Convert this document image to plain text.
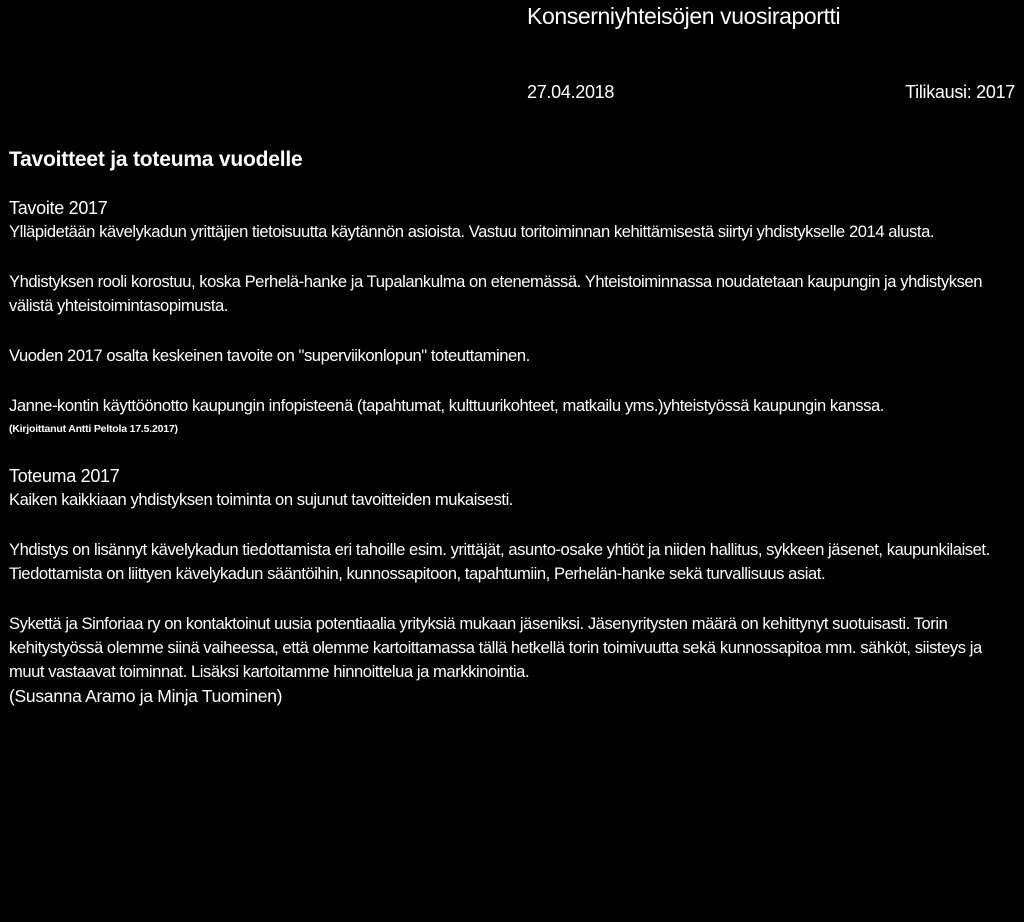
Konserniyhteisöjen vuosiraportti
27.04.2018	Tilikausi: 2017
Tavoitteet ja toteuma vuodelle

Tavoite 2017

Ylläpidetään kävelykadun yrittäjien tietoisuutta käytännön asioista. Vastuu toritoiminnan kehittämisestä siirtyi yhdistykselle 2014 alusta.

Yhdistyksen rooli korostuu, koska Perhelä-hanke ja Tupalankulma on etenemässä. Yhteistoiminnassa noudatetaan kaupungin ja yhdistyksen välistä yhteistoimintasopimusta.

Vuoden 2017 osalta keskeinen tavoite on "superviikonlopun" toteuttaminen.

Janne-kontin käyttöönotto kaupungin infopisteenä (tapahtumat, kulttuurikohteet, matkailu yms.)yhteistyössä kaupungin kanssa.

(Kirjoittanut Antti Peltola 17.5.2017)

Toteuma 2017

Kaiken kaikkiaan yhdistyksen toiminta on sujunut tavoitteiden mukaisesti.

Yhdistys on lisännyt kävelykadun tiedottamista eri tahoille esim. yrittäjät, asunto-osake yhtiöt ja niiden hallitus, sykkeen jäsenet, kaupunkilaiset. Tiedottamista on liittyen kävelykadun sääntöihin, kunnossapitoon, tapahtumiin, Perhelän-hanke sekä turvallisuus asiat.

Sykettä ja Sinforiaa ry on kontaktoinut uusia potentiaalia yrityksiä mukaan jäseniksi. Jäsenyritysten määrä on kehittynyt suotuisasti. Torin kehitystyössä olemme siinä vaiheessa, että olemme kartoittamassa tällä hetkellä torin toimivuutta sekä kunnossapitoa mm. sähköt, siisteys ja muut vastaavat toiminnat. Lisäksi kartoitamme hinnoittelua ja markkinointia.

(Susanna Aramo ja Minja Tuominen)
